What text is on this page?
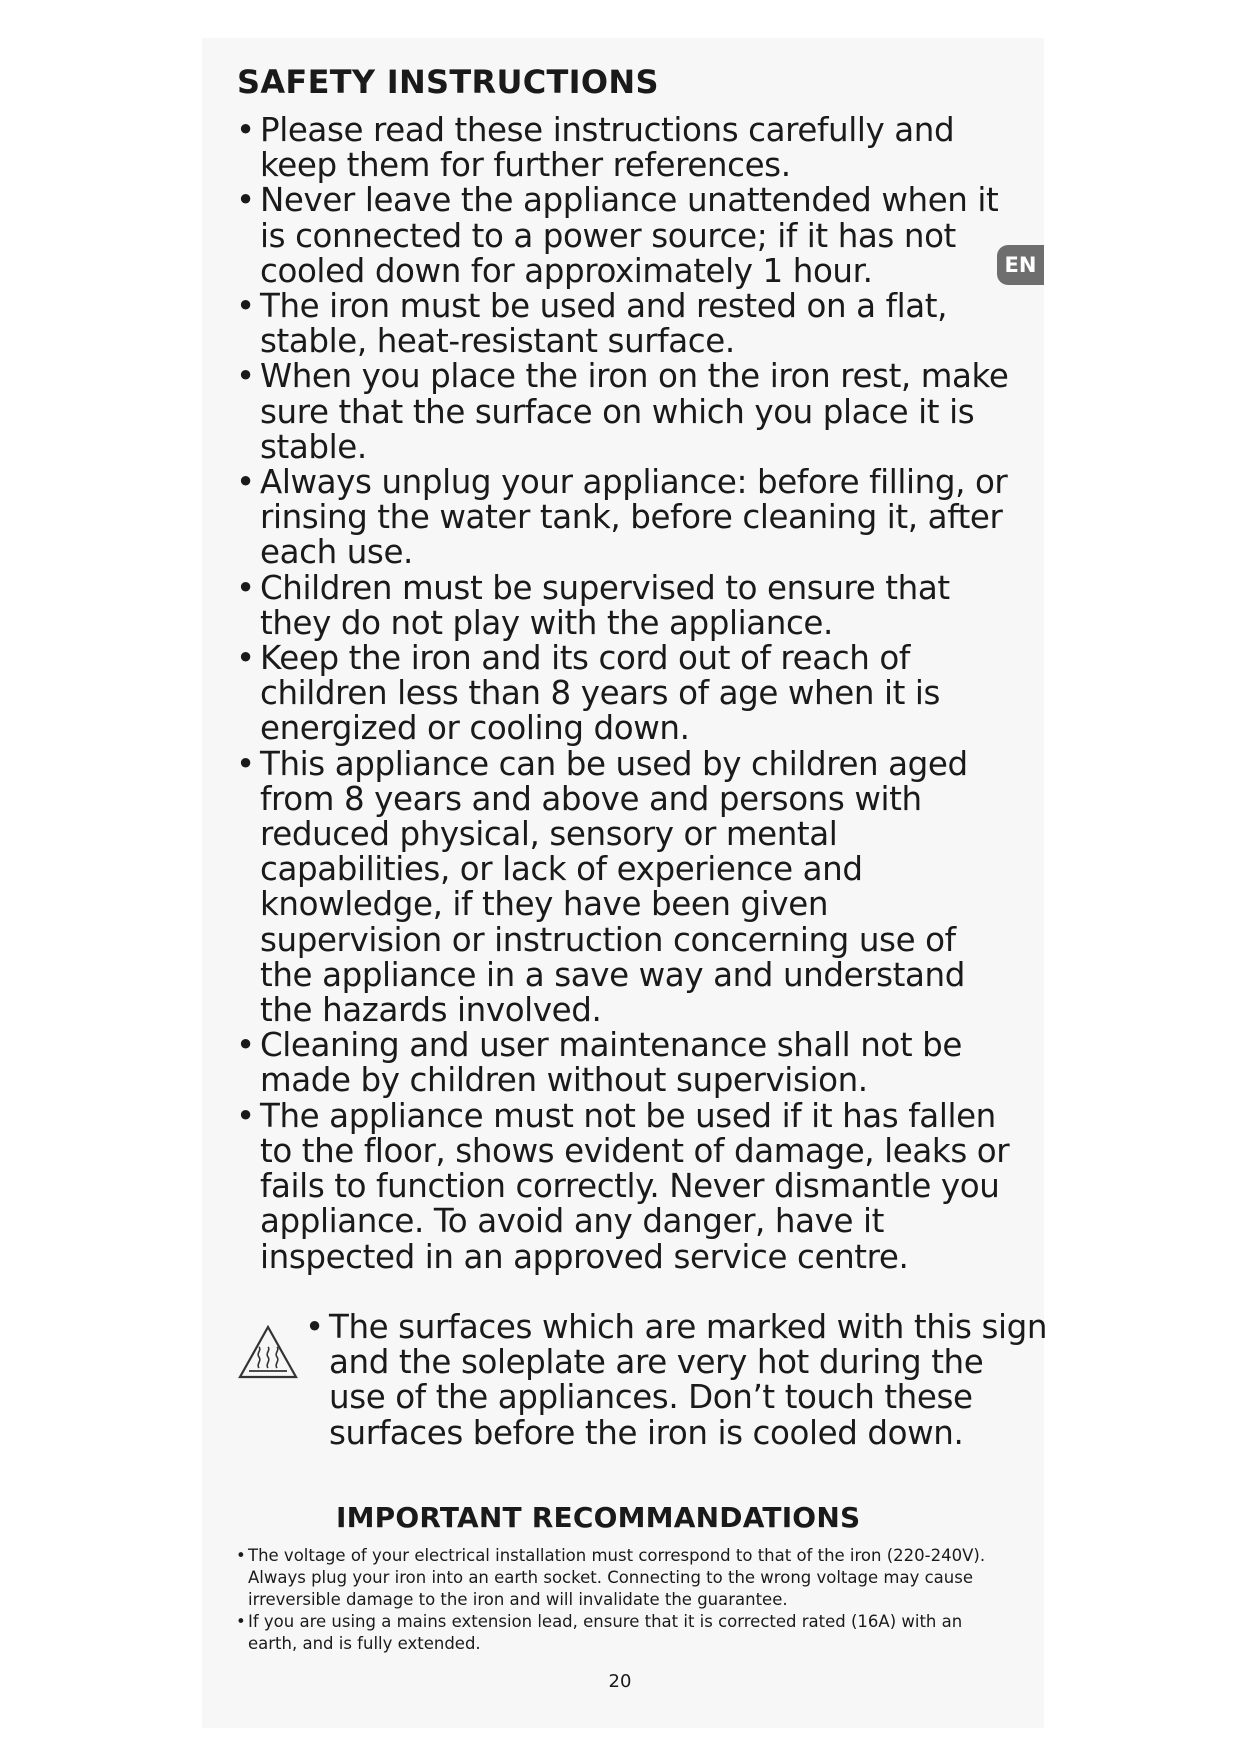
SAFETY INSTRUCTIONS
EN
• Please read these instructions carefully and keep them for further references.
• Never leave the appliance unattended when it is connected to a power source; if it has not cooled down for approximately 1 hour.
• The iron must be used and rested on a flat, stable, heat-resistant surface.
• When you place the iron on the iron rest, make sure that the surface on which you place it is stable.
• Always unplug your appliance: before filling, or rinsing the water tank, before cleaning it, after each use.
• Children must be supervised to ensure that they do not play with the appliance.
• Keep the iron and its cord out of reach of children less than 8 years of age when it is energized or cooling down.
• This appliance can be used by children aged from 8 years and above and persons with reduced physical, sensory or mental capabilities, or lack of experience and knowledge, if they have been given supervision or instruction concerning use of the appliance in a save way and understand the hazards involved.
• Cleaning and user maintenance shall not be made by children without supervision.
• The appliance must not be used if it has fallen to the floor, shows evident of damage, leaks or fails to function correctly. Never dismantle you appliance. To avoid any danger, have it inspected in an approved service centre.
• The surfaces which are marked with this sign and the soleplate are very hot during the use of the appliances. Don’t touch these surfaces before the iron is cooled down.
IMPORTANT RECOMMANDATIONS
• The voltage of your electrical installation must correspond to that of the iron (220-240V). Always plug your iron into an earth socket. Connecting to the wrong voltage may cause irreversible damage to the iron and will invalidate the guarantee.
• If you are using a mains extension lead, ensure that it is corrected rated (16A) with an earth, and is fully extended.
20
